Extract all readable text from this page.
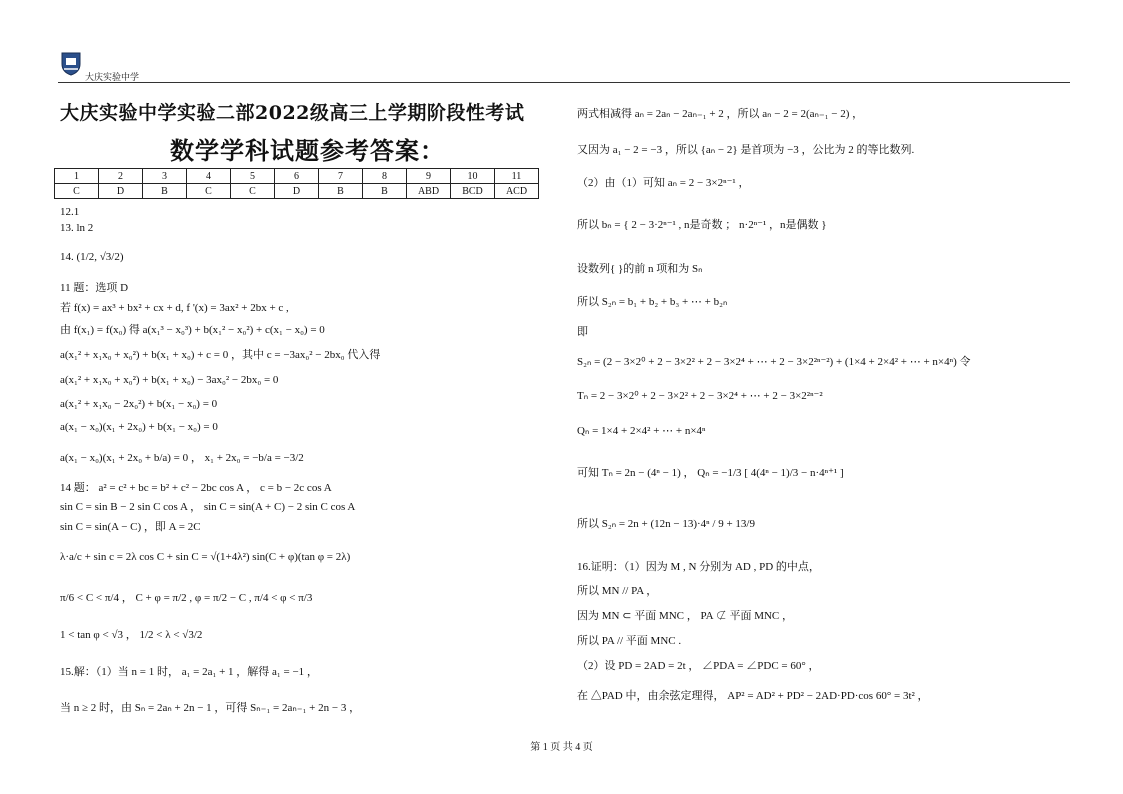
大庆实验中学
大庆实验中学实验二部2022级高三上学期阶段性考试
数学学科试题参考答案：
1	2	3	4	5	6	7	8	9	10	11
C	D	B	C	C	D	B	B	ABD	BCD	ACD
12.1
13. ln 2
14. (1/2, √3/2)
11 题：选项 D
若 f(x) = ax³ + bx² + cx + d, f '(x) = 3ax² + 2bx + c ,
由 f(x₁) = f(x₀) 得 a(x₁³ − x₀³) + b(x₁² − x₀²) + c(x₁ − x₀) = 0
a(x₁² + x₁x₀ + x₀²) + b(x₁ + x₀) + c = 0 ，其中 c = −3ax₀² − 2bx₀ 代入得
a(x₁² + x₁x₀ + x₀²) + b(x₁ + x₀) − 3ax₀² − 2bx₀ = 0
a(x₁² + x₁x₀ − 2x₀²) + b(x₁ − x₀) = 0
a(x₁ − x₀)(x₁ + 2x₀) + b(x₁ − x₀) = 0
a(x₁ − x₀)(x₁ + 2x₀ + b/a) = 0 ， x₁ + 2x₀ = −b/a = −3/2
14 题： a² = c² + bc = b² + c² − 2bc cos A ， c = b − 2c cos A
sin C = sin B − 2 sin C cos A ， sin C = sin(A + C) − 2 sin C cos A
sin C = sin(A − C) ，即 A = 2C
λ·a/c + sin c = 2λ cos C + sin C = √(1+4λ²) sin(C + φ)(tan φ = 2λ)
π/6 < C < π/4 ， C + φ = π/2 , φ = π/2 − C , π/4 < φ < π/3
1 < tan φ < √3 ， 1/2 < λ < √3/2
15.解：（1）当 n = 1 时， a₁ = 2a₁ + 1 ，解得 a₁ = −1 ，
当 n ≥ 2 时，由 Sₙ = 2aₙ + 2n − 1 ，可得 Sₙ₋₁ = 2aₙ₋₁ + 2n − 3 ，
两式相减得 aₙ = 2aₙ − 2aₙ₋₁ + 2 ，所以 aₙ − 2 = 2(aₙ₋₁ − 2) ，
又因为 a₁ − 2 = −3 ，所以 {aₙ − 2} 是首项为 −3 ，公比为 2 的等比数列.
（2）由（1）可知 aₙ = 2 − 3×2ⁿ⁻¹ ，
所以 bₙ = { 2 − 3·2ⁿ⁻¹ , n是奇数 ； n·2ⁿ⁻¹ ，n是偶数 }
设数列{ }的前 n 项和为 Sₙ
所以 S₂ₙ = b₁ + b₂ + b₃ + ⋯ + b₂ₙ
即
S₂ₙ = (2 − 3×2⁰ + 2 − 3×2² + 2 − 3×2⁴ + ⋯ + 2 − 3×2²ⁿ⁻²) + (1×4 + 2×4² + ⋯ + n×4ⁿ) 令
Tₙ = 2 − 3×2⁰ + 2 − 3×2² + 2 − 3×2⁴ + ⋯ + 2 − 3×2²ⁿ⁻²
Qₙ = 1×4 + 2×4² + ⋯ + n×4ⁿ
可知 Tₙ = 2n − (4ⁿ − 1) ， Qₙ = −1/3 [ 4(4ⁿ − 1)/3 − n·4ⁿ⁺¹ ]
所以 S₂ₙ = 2n + (12n − 13)·4ⁿ / 9 + 13/9
16.证明：（1）因为 M , N 分别为 AD , PD 的中点，
所以 MN // PA ，
因为 MN ⊂ 平面 MNC ， PA ⊄ 平面 MNC ，
所以 PA // 平面 MNC .
（2）设 PD = 2AD = 2t ， ∠PDA = ∠PDC = 60° ，
在 △PAD 中，由余弦定理得， AP² = AD² + PD² − 2AD·PD·cos 60° = 3t² ，
第 1 页 共 4 页
